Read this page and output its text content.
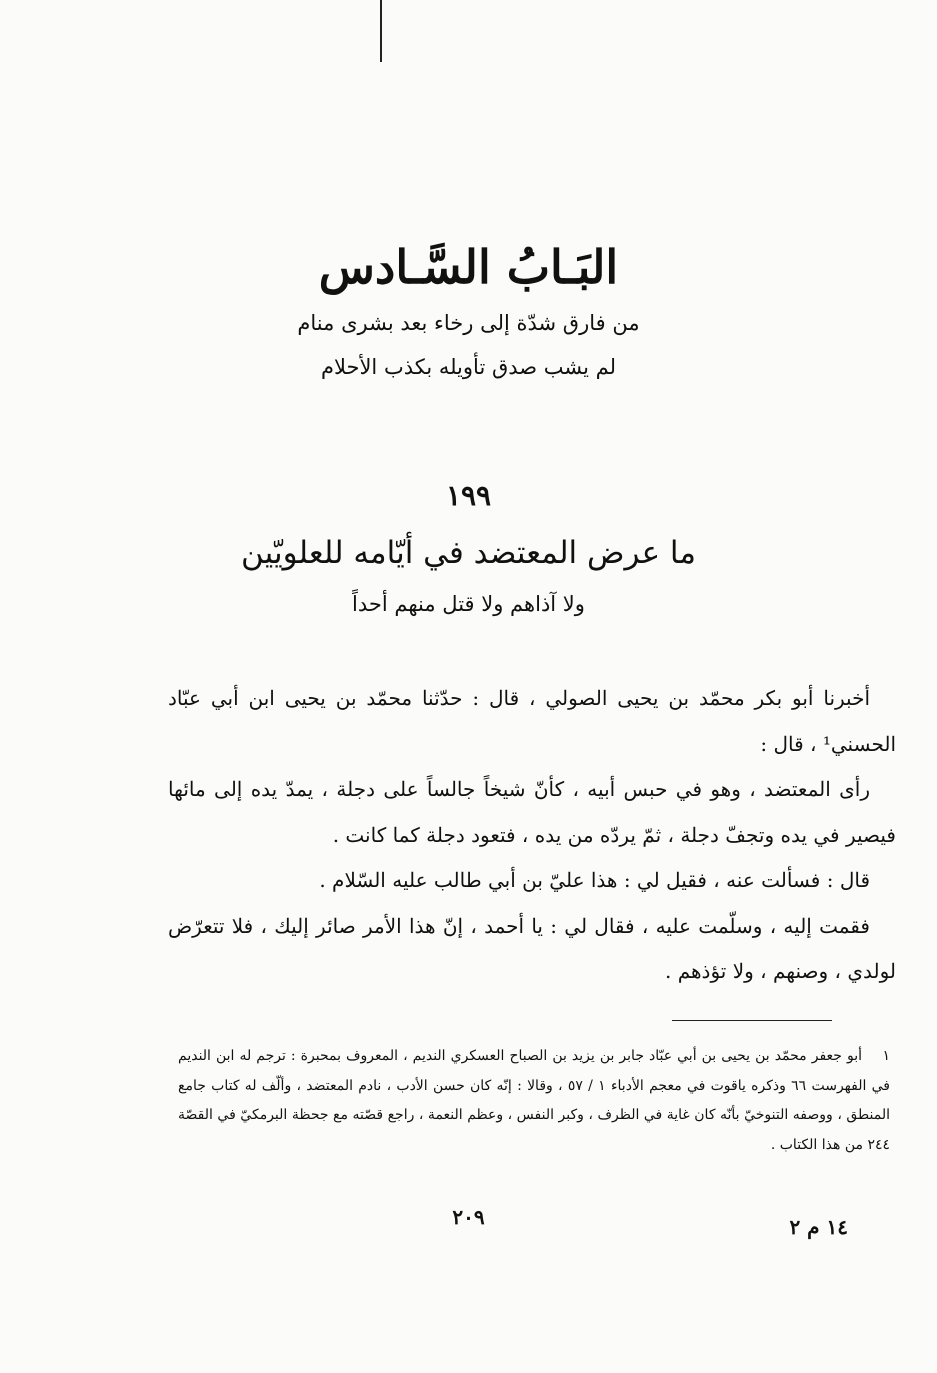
البَـابُ السَّـادس
من فارق شدّة إلى رخاء بعد بشرى منام
لم يشب صدق تأويله بكذب الأحلام
١٩٩
ما عرض المعتضد في أيّامه للعلويّين
ولا آذاهم ولا قتل منهم أحداً

أخبرنا أبو بكر محمّد بن يحيى الصولي ، قال : حدّثنا محمّد بن يحيى ابن أبي عبّاد الحسني¹ ، قال :

رأى المعتضد ، وهو في حبس أبيه ، كأنّ شيخاً جالساً على دجلة ، يمدّ يده إلى مائها فيصير في يده وتجفّ دجلة ، ثمّ يردّه من يده ، فتعود دجلة كما كانت .

قال : فسألت عنه ، فقيل لي : هذا عليّ بن أبي طالب عليه السّلام .

فقمت إليه ، وسلّمت عليه ، فقال لي : يا أحمد ، إنّ هذا الأمر صائر إليك ، فلا تتعرّض لولدي ، وصنهم ، ولا تؤذهم .

١أبو جعفر محمّد بن يحيى بن أبي عبّاد جابر بن يزيد بن الصباح العسكري النديم ، المعروف بمحبرة : ترجم له ابن النديم في الفهرست ٦٦ وذكره ياقوت في معجم الأدباء ١ / ٥٧ ، وقالا : إنّه كان حسن الأدب ، نادم المعتضد ، وألّف له كتاب جامع المنطق ، ووصفه التنوخيّ بأنّه كان غاية في الظرف ، وكبر النفس ، وعظم النعمة ، راجع قصّته مع جحظة البرمكيّ في القصّة ٢٤٤ من هذا الكتاب .
٢٠٩	١٤ م ٢
